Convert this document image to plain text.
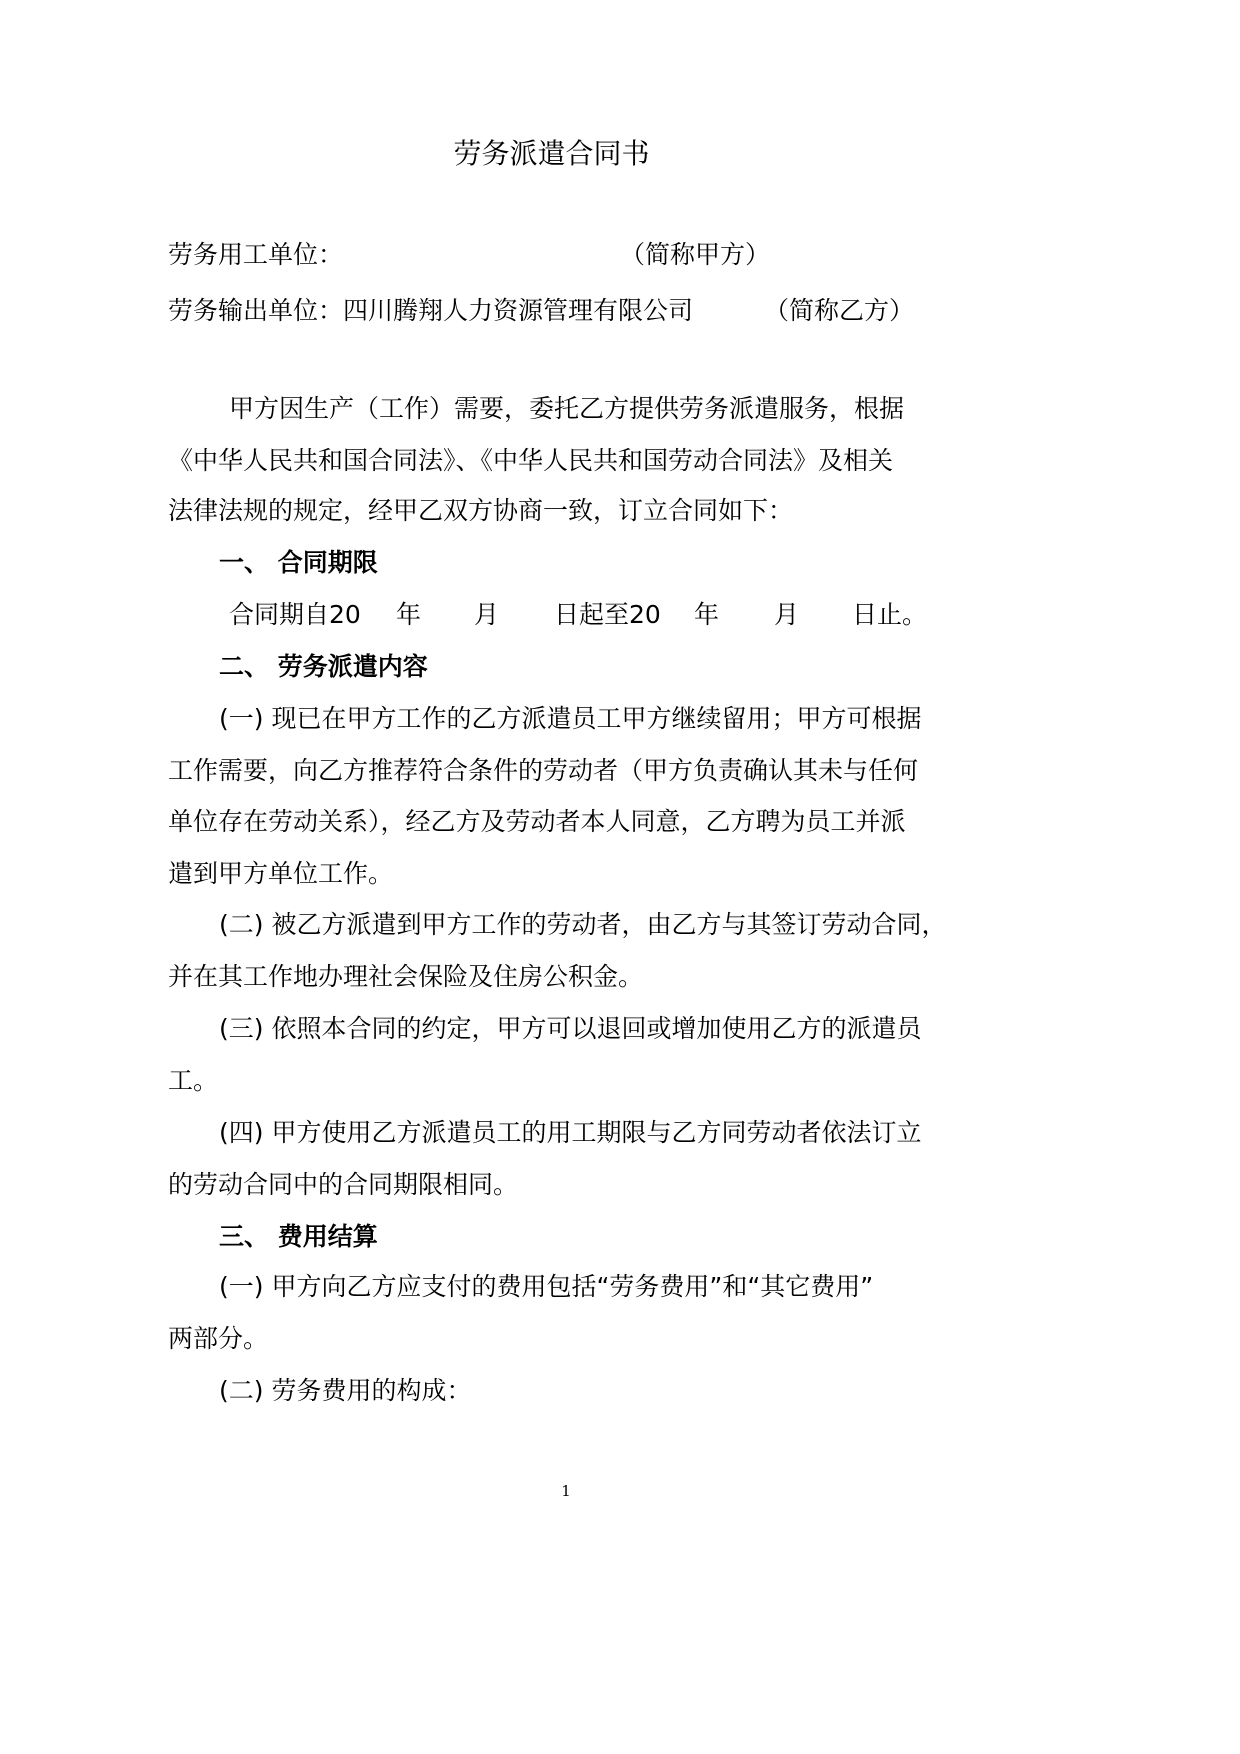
劳务派遣合同书

劳务用工单位：	（简称甲方）

劳务输出单位：四川腾翔人力资源管理有限公司	（简称乙方）

甲方因生产（工作）需要，委托乙方提供劳务派遣服务，根据

《中华人民共和国合同法》、《中华人民共和国劳动合同法》及相关

法律法规的规定，经甲乙双方协商一致，订立合同如下：

一、 合同期限

合同期自20 年 月 日起至20 年 月 日止。

二、 劳务派遣内容

(一) 现已在甲方工作的乙方派遣员工甲方继续留用；甲方可根据

工作需要，向乙方推荐符合条件的劳动者（甲方负责确认其未与任何

单位存在劳动关系），经乙方及劳动者本人同意，乙方聘为员工并派

遣到甲方单位工作。

(二) 被乙方派遣到甲方工作的劳动者，由乙方与其签订劳动合同，

并在其工作地办理社会保险及住房公积金。

(三) 依照本合同的约定，甲方可以退回或增加使用乙方的派遣员

工。

(四) 甲方使用乙方派遣员工的用工期限与乙方同劳动者依法订立

的劳动合同中的合同期限相同。

三、 费用结算

(一) 甲方向乙方应支付的费用包括“劳务费用”和“其它费用”

两部分。

(二) 劳务费用的构成：

1
